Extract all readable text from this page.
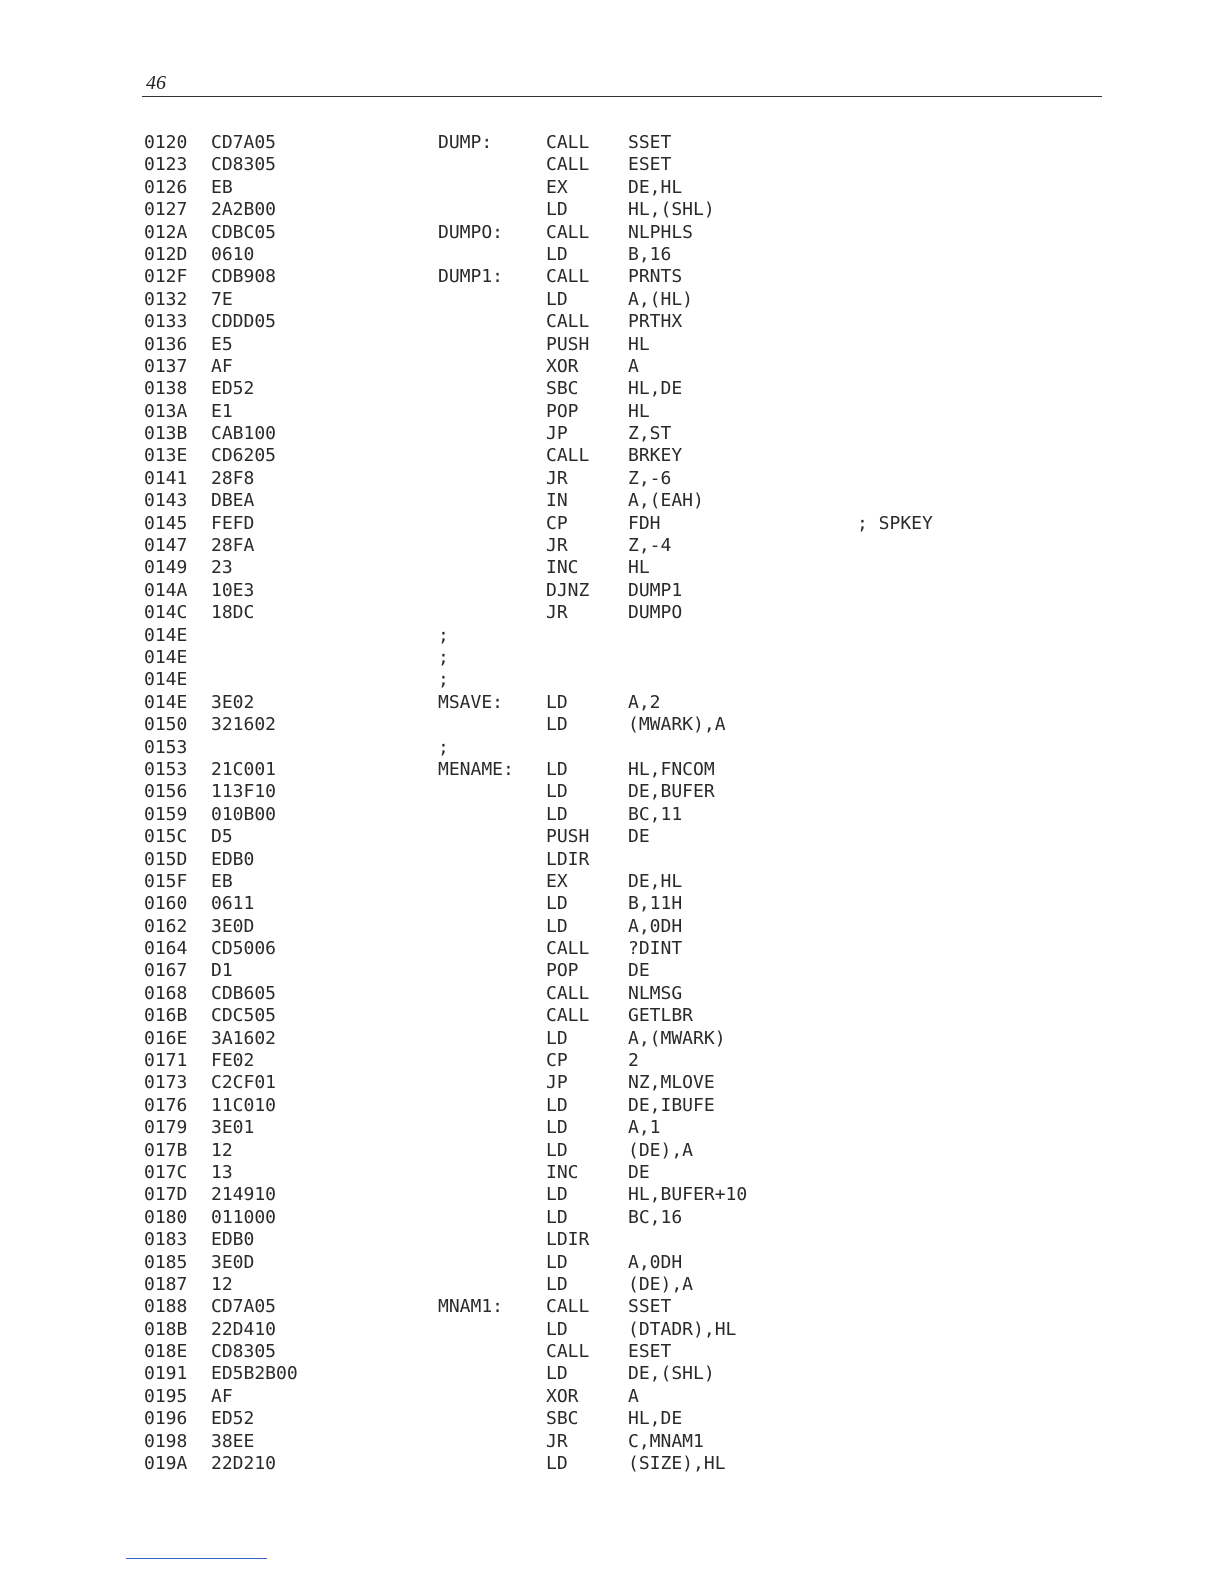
46
0120 CD7A05	DUMP:	CALL SSET
0123 CD8305	CALL ESET
0126 EB	EX	DE,HL
0127 2A2B00	LD	HL,(SHL)
012A CDBC05	DUMPO: CALL NLPHLS
012D 0610	LD	B,16
012F CDB908	DUMP1: CALL PRNTS
0132 7E	LD	A,(HL)
0133 CDDD05	CALL PRTHX
0136 E5	PUSH HL
0137 AF	XOR	A
0138 ED52	SBC	HL,DE
013A E1	POP	HL
013B CAB100	JP	Z,ST
013E CD6205	CALL BRKEY
0141 28F8	JR	Z,-6
0143 DBEA	IN	A,(EAH)
0145 FEFD	CP	FDH	; SPKEY
0147 28FA	JR	Z,-4
0149 23	INC	HL
014A 10E3	DJNZ DUMP1
014C 18DC	JR	DUMPO
014E	;
014E	;
014E	;
014E 3E02	MSAVE: LD	A,2
0150 321602	LD	(MWARK),A
0153	;
0153 21C001	MENAME: LD	HL,FNCOM
0156 113F10	LD	DE,BUFER
0159 010B00	LD	BC,11
015C D5	PUSH DE
015D EDB0	LDIR
015F EB	EX	DE,HL
0160 0611	LD	B,11H
0162 3E0D	LD	A,0DH
0164 CD5006	CALL ?DINT
0167 D1	POP	DE
0168 CDB605	CALL NLMSG
016B CDC505	CALL GETLBR
016E 3A1602	LD	A,(MWARK)
0171 FE02	CP	2
0173 C2CF01	JP	NZ,MLOVE
0176 11C010	LD	DE,IBUFE
0179 3E01	LD	A,1
017B 12	LD	(DE),A
017C 13	INC	DE
017D 214910	LD	HL,BUFER+10
0180 011000	LD	BC,16
0183 EDB0	LDIR
0185 3E0D	LD	A,0DH
0187 12	LD	(DE),A
0188 CD7A05	MNAM1: CALL SSET
018B 22D410	LD	(DTADR),HL
018E CD8305	CALL ESET
0191 ED5B2B00	LD	DE,(SHL)
0195 AF	XOR	A
0196 ED52	SBC	HL,DE
0198 38EE	JR	C,MNAM1
019A 22D210	LD	(SIZE),HL
